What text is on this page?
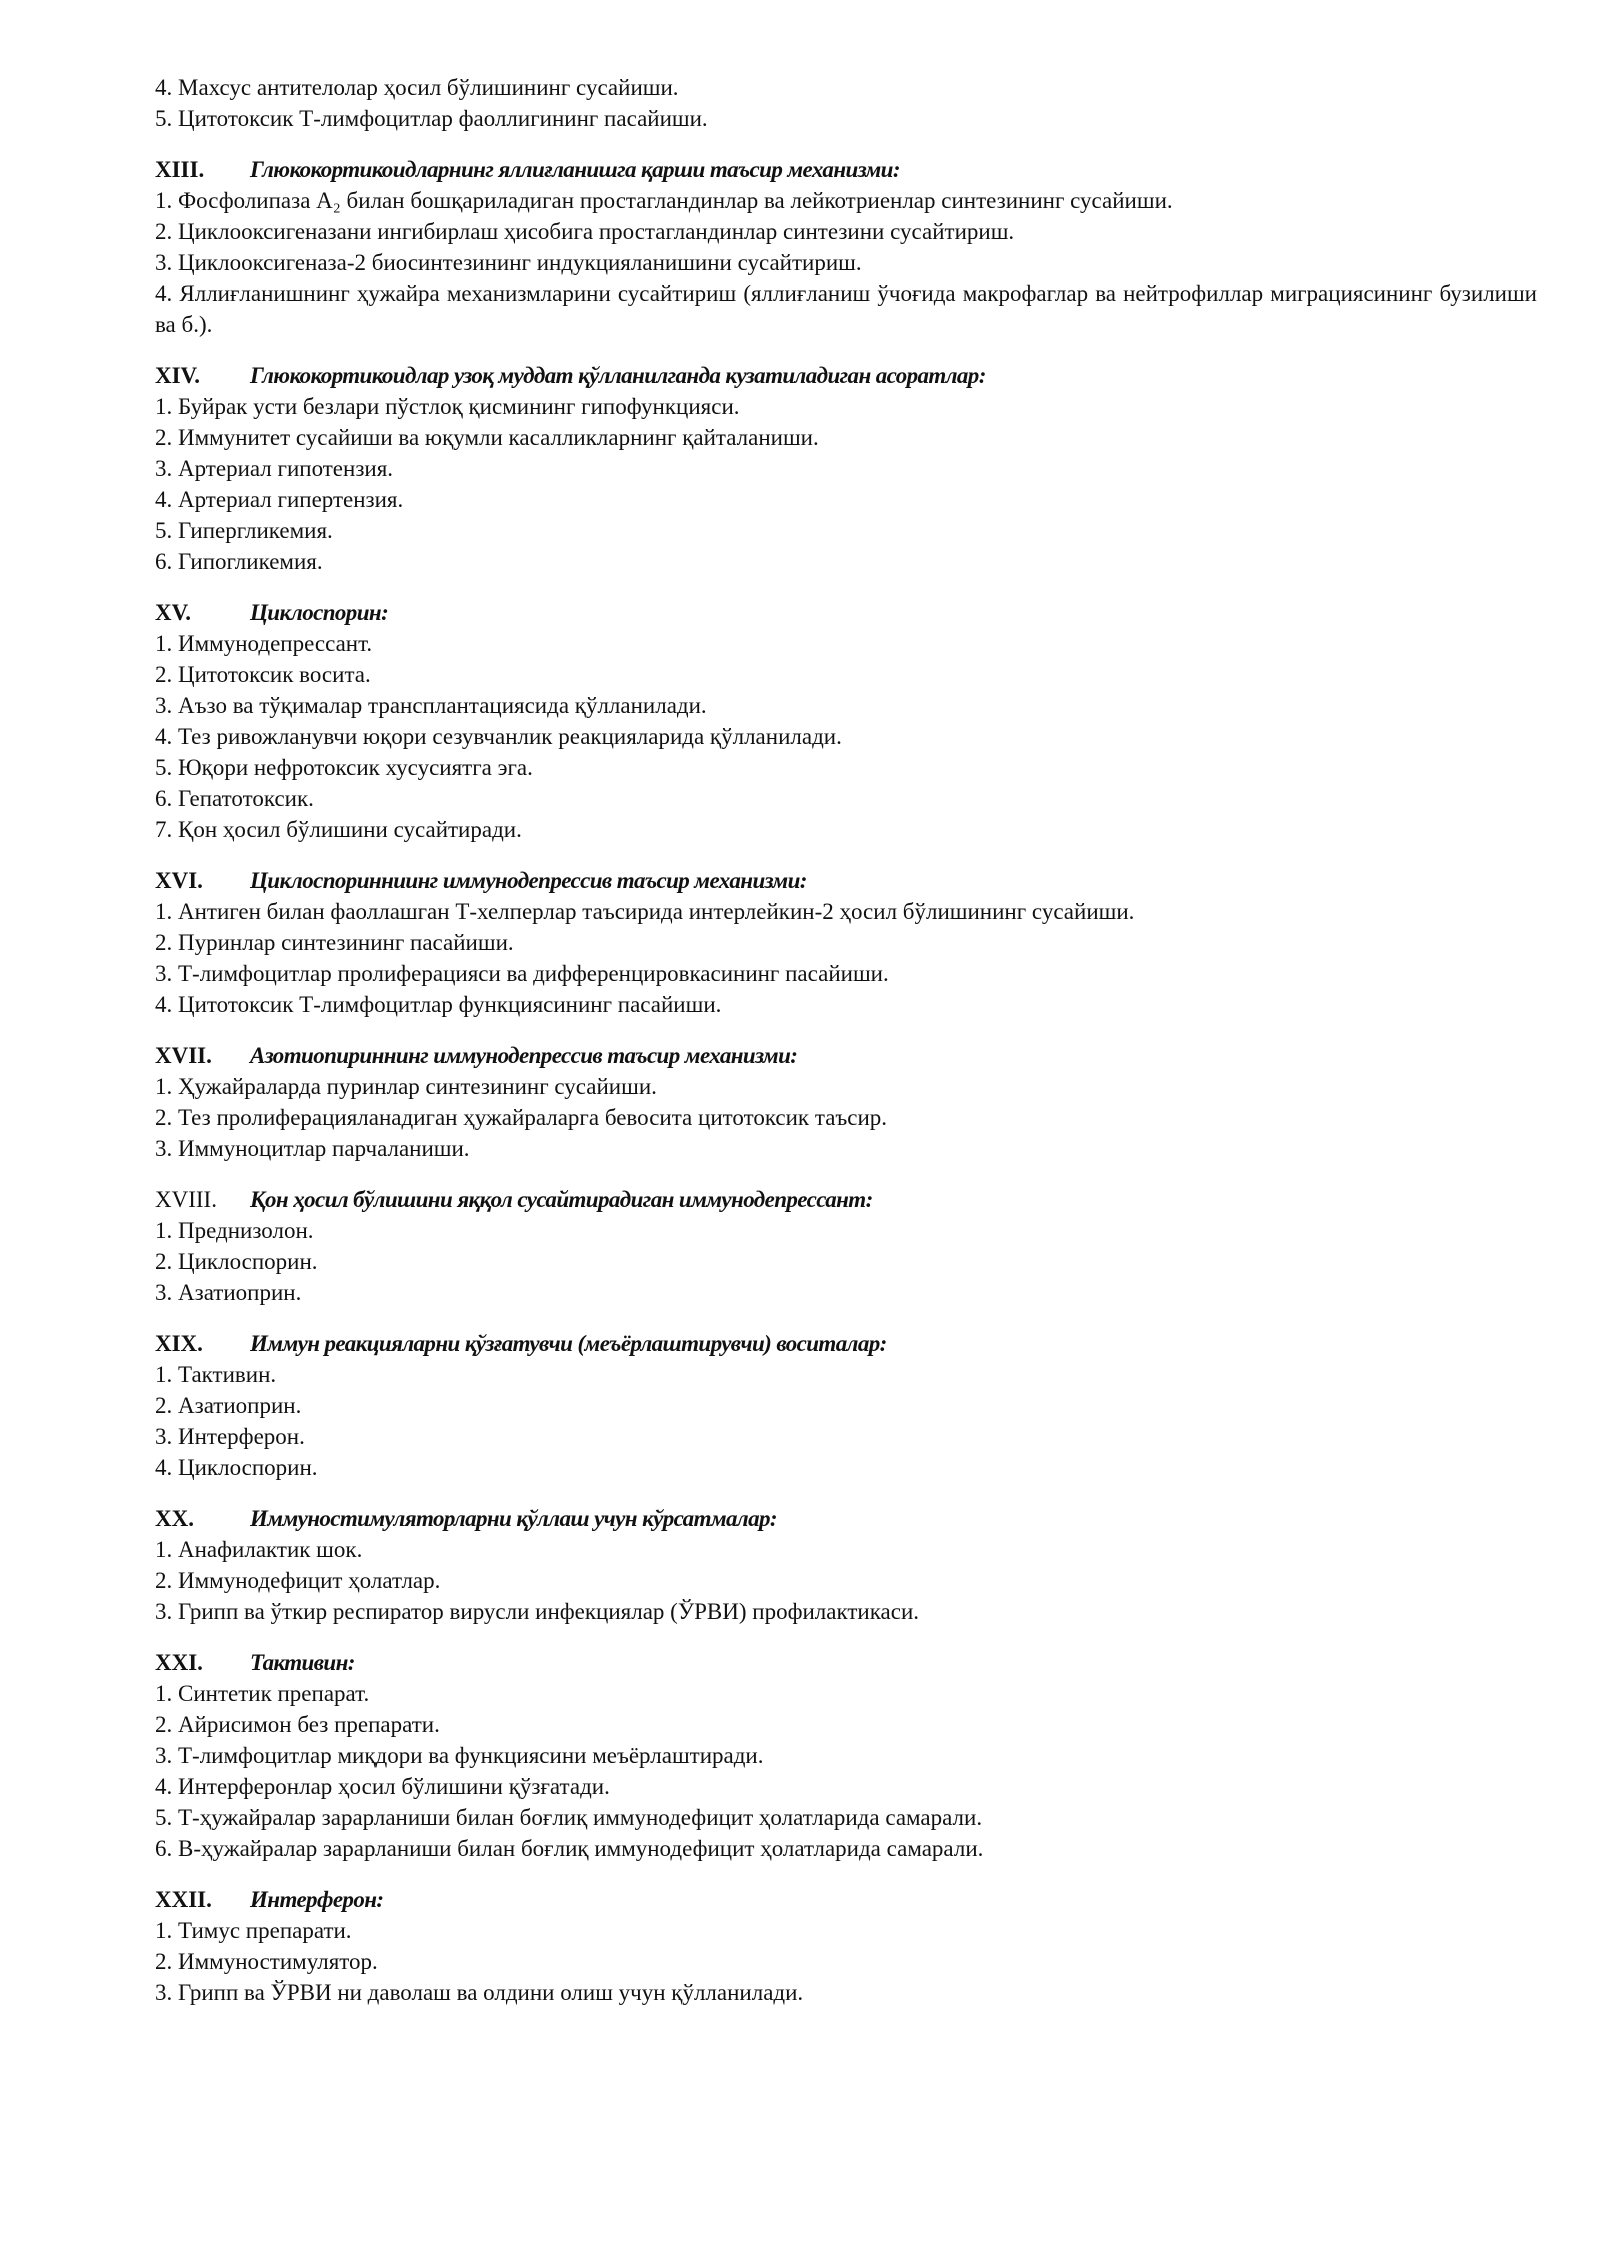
4. Махсус антителолар ҳосил бўлишининг сусайиши.
5. Цитотоксик Т-лимфоцитлар фаоллигининг пасайиши.
XIII.	Глюкокортикоидларнинг яллиғланишга қарши таъсир механизми:
1. Фосфолипаза А₂ билан бошқариладиган простагландинлар ва лейкотриенлар синтезининг сусайиши.
2. Циклооксигеназани ингибирлаш ҳисобига простагландинлар синтезини сусайтириш.
3. Циклооксигеназа-2 биосинтезининг индукцияланишини сусайтириш.
4. Яллиғланишнинг ҳужайра механизмларини сусайтириш (яллиғланиш ўчоғида макрофаглар ва нейтрофиллар миграциясининг бузилиши ва б.).
XIV.	Глюкокортикоидлар узоқ муддат қўлланилганда кузатиладиган асоратлар:
1. Буйрак усти безлари пўстлоқ қисмининг гипофункцияси.
2. Иммунитет сусайиши ва юқумли касалликларнинг қайталаниши.
3. Артериал гипотензия.
4. Артериал гипертензия.
5. Гипергликемия.
6. Гипогликемия.
XV.	Циклоспорин:
1. Иммунодепрессант.
2. Цитотоксик восита.
3. Аъзо ва тўқималар трансплантациясида қўлланилади.
4. Тез ривожланувчи юқори сезувчанлик реакцияларида қўлланилади.
5. Юқори нефротоксик хусусиятга эга.
6. Гепатотоксик.
7. Қон ҳосил бўлишини сусайтиради.
XVI.	Циклоспоринниинг иммунодепрессив таъсир механизми:
1. Антиген билан фаоллашган Т-хелперлар таъсирида интерлейкин-2 ҳосил бўлишининг сусайиши.
2. Пуринлар синтезининг пасайиши.
3. Т-лимфоцитлар пролиферацияси ва дифференцировкасининг пасайиши.
4. Цитотоксик Т-лимфоцитлар функциясининг пасайиши.
XVII.	Азотиопириннинг иммунодепрессив таъсир механизми:
1. Ҳужайраларда пуринлар синтезининг сусайиши.
2. Тез пролиферацияланадиган ҳужайраларга бевосита цитотоксик таъсир.
3. Иммуноцитлар парчаланиши.
XVIII.	Қон ҳосил бўлишини яққол сусайтирадиган иммунодепрессант:
1. Преднизолон.
2. Циклоспорин.
3. Азатиоприн.
XIX.	Иммун реакцияларни қўзғатувчи (меъёрлаштирувчи) воситалар:
1. Тактивин.
2. Азатиоприн.
3. Интерферон.
4. Циклоспорин.
XX.	Иммуностимуляторларни қўллаш учун кўрсатмалар:
1. Анафилактик шок.
2. Иммунодефицит ҳолатлар.
3. Грипп ва ўткир респиратор вирусли инфекциялар (ЎРВИ) профилактикаси.
XXI.	Тактивин:
1. Синтетик препарат.
2. Айрисимон без препарати.
3. Т-лимфоцитлар миқдори ва функциясини меъёрлаштиради.
4. Интерферонлар ҳосил бўлишини қўзғатади.
5. Т-ҳужайралар зарарланиши билан боғлиқ иммунодефицит ҳолатларида самарали.
6. В-ҳужайралар зарарланиши билан боғлиқ иммунодефицит ҳолатларида самарали.
XXII.	Интерферон:
1. Тимус препарати.
2. Иммуностимулятор.
3. Грипп ва ЎРВИ ни даволаш ва олдини олиш учун қўлланилади.
